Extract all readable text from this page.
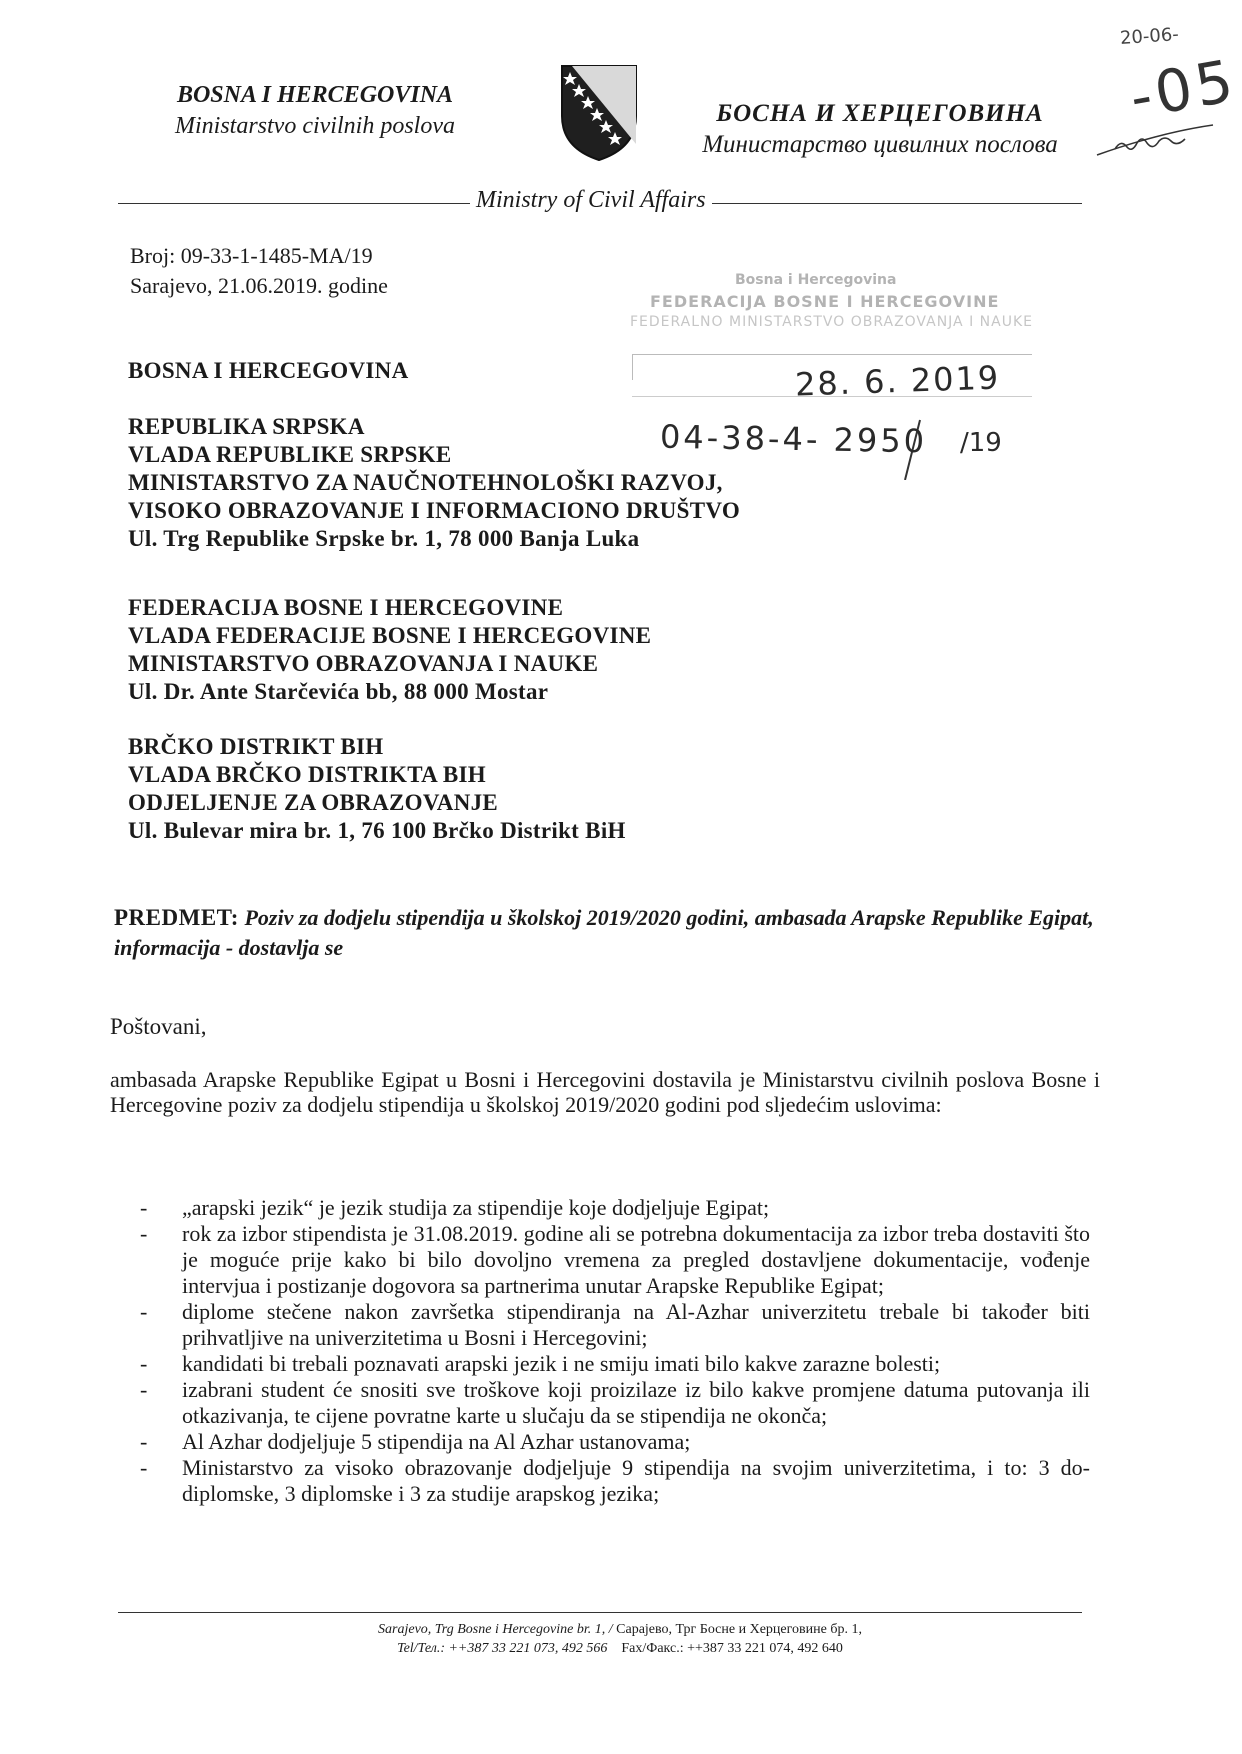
BOSNA I HERCEGOVINA
Ministarstvo civilnih poslova	БОСНА И ХЕРЦЕГОВИНА
Министарство цивилних послова
Ministry of Civil Affairs
20-06-
-05
Broj: 09-33-1-1485-MA/19
Sarajevo, 21.06.2019. godine	Bosna i Hercegovina
FEDERACIJA BOSNE I HERCEGOVINE
FEDERALNO MINISTARSTVO OBRAZOVANJA I NAUKE
28. 6. 2019
04-38-4- 2950 /19
BOSNA I HERCEGOVINA
REPUBLIKA SRPSKA
VLADA REPUBLIKE SRPSKE
MINISTARSTVO ZA NAUČNOTEHNOLOŠKI RAZVOJ,
VISOKO OBRAZOVANJE I INFORMACIONO DRUŠTVO
Ul. Trg Republike Srpske br. 1, 78 000 Banja Luka
FEDERACIJA BOSNE I HERCEGOVINE
VLADA FEDERACIJE BOSNE I HERCEGOVINE
MINISTARSTVO OBRAZOVANJA I NAUKE
Ul. Dr. Ante Starčevića bb, 88 000 Mostar
BRČKO DISTRIKT BIH
VLADA BRČKO DISTRIKTA BIH
ODJELJENJE ZA OBRAZOVANJE
Ul. Bulevar mira br. 1, 76 100 Brčko Distrikt BiH
PREDMET: Poziv za dodjelu stipendija u školskoj 2019/2020 godini, ambasada Arapske Republike Egipat, informacija - dostavlja se
Poštovani,
ambasada Arapske Republike Egipat u Bosni i Hercegovini dostavila je Ministarstvu civilnih poslova Bosne i Hercegovine poziv za dodjelu stipendija u školskoj 2019/2020 godini pod sljedećim uslovima:
- „arapski jezik“ je jezik studija za stipendije koje dodjeljuje Egipat;
- rok za izbor stipendista je 31.08.2019. godine ali se potrebna dokumentacija za izbor treba dostaviti što je moguće prije kako bi bilo dovoljno vremena za pregled dostavljene dokumentacije, vođenje intervjua i postizanje dogovora sa partnerima unutar Arapske Republike Egipat;
- diplome stečene nakon završetka stipendiranja na Al-Azhar univerzitetu trebale bi također biti prihvatljive na univerzitetima u Bosni i Hercegovini;
- kandidati bi trebali poznavati arapski jezik i ne smiju imati bilo kakve zarazne bolesti;
- izabrani student će snositi sve troškove koji proizilaze iz bilo kakve promjene datuma putovanja ili otkazivanja, te cijene povratne karte u slučaju da se stipendija ne okonča;
- Al Azhar dodjeljuje 5 stipendija na Al Azhar ustanovama;
- Ministarstvo za visoko obrazovanje dodjeljuje 9 stipendija na svojim univerzitetima, i to: 3 do-diplomske, 3 diplomske i 3 za studije arapskog jezika;
Sarajevo, Trg Bosne i Hercegovine br. 1, / Сарајево, Трг Босне и Херцеговине бр. 1,
Tel/Тел.: ++387 33 221 073, 492 566 Fax/Факс.: ++387 33 221 074, 492 640
